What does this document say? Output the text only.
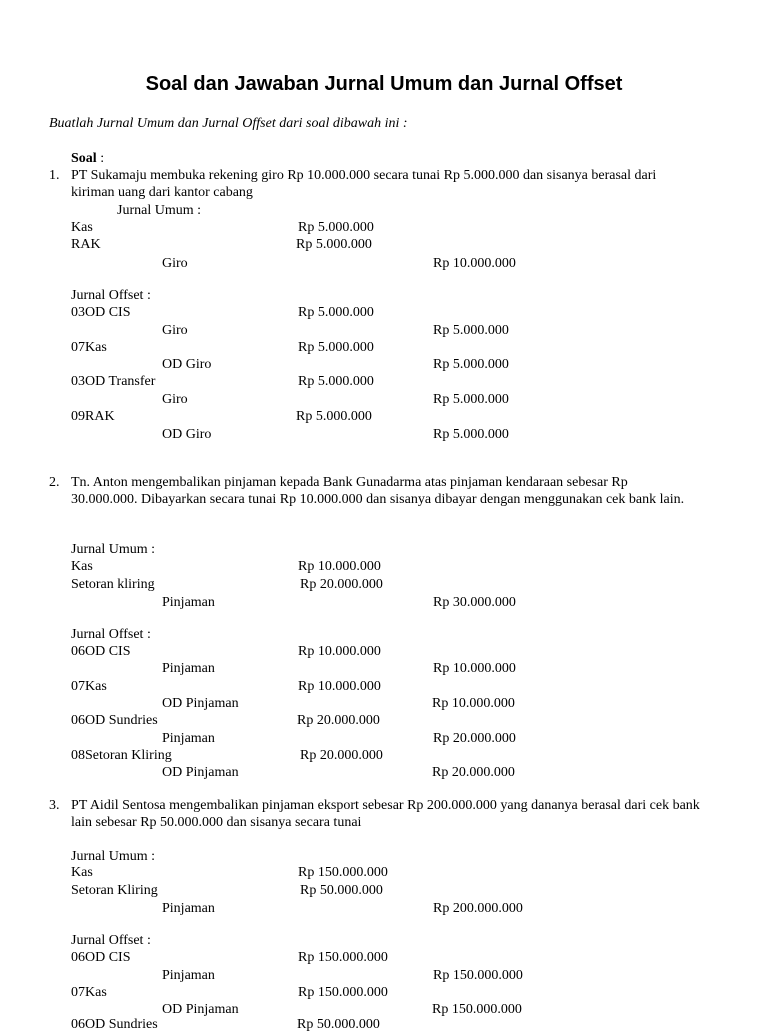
Soal dan Jawaban Jurnal Umum dan Jurnal Offset
Buatlah Jurnal Umum dan Jurnal Offset dari soal dibawah ini :
Soal :
1. PT Sukamaju membuka rekening giro Rp 10.000.000 secara tunai Rp 5.000.000 dan sisanya berasal dari kiriman uang dari kantor cabang
Jurnal Umum :
Kas	Rp 5.000.000
RAK	Rp 5.000.000
Giro	Rp 10.000.000
Jurnal Offset :
03OD CIS	Rp 5.000.000
Giro	Rp 5.000.000
07Kas	Rp 5.000.000
OD Giro	Rp 5.000.000
03OD Transfer	Rp 5.000.000
Giro	Rp 5.000.000
09RAK	Rp 5.000.000
OD Giro	Rp 5.000.000
2. Tn. Anton mengembalikan pinjaman kepada Bank Gunadarma atas pinjaman kendaraan sebesar Rp 30.000.000. Dibayarkan secara tunai Rp 10.000.000 dan sisanya dibayar dengan menggunakan cek bank lain.
Jurnal Umum :
Kas	Rp 10.000.000
Setoran kliring	Rp 20.000.000
Pinjaman	Rp 30.000.000
Jurnal Offset :
06OD CIS	Rp 10.000.000
Pinjaman	Rp 10.000.000
07Kas	Rp 10.000.000
OD Pinjaman	Rp 10.000.000
06OD Sundries	Rp 20.000.000
Pinjaman	Rp 20.000.000
08Setoran Kliring	Rp 20.000.000
OD Pinjaman	Rp 20.000.000
3. PT Aidil Sentosa mengembalikan pinjaman eksport sebesar Rp 200.000.000 yang dananya berasal dari cek bank lain sebesar Rp 50.000.000 dan sisanya secara tunai
Jurnal Umum :
Kas	Rp 150.000.000
Setoran Kliring	Rp 50.000.000
Pinjaman	Rp 200.000.000
Jurnal Offset :
06OD CIS	Rp 150.000.000
Pinjaman	Rp 150.000.000
07Kas	Rp 150.000.000
OD Pinjaman	Rp 150.000.000
06OD Sundries	Rp 50.000.000
